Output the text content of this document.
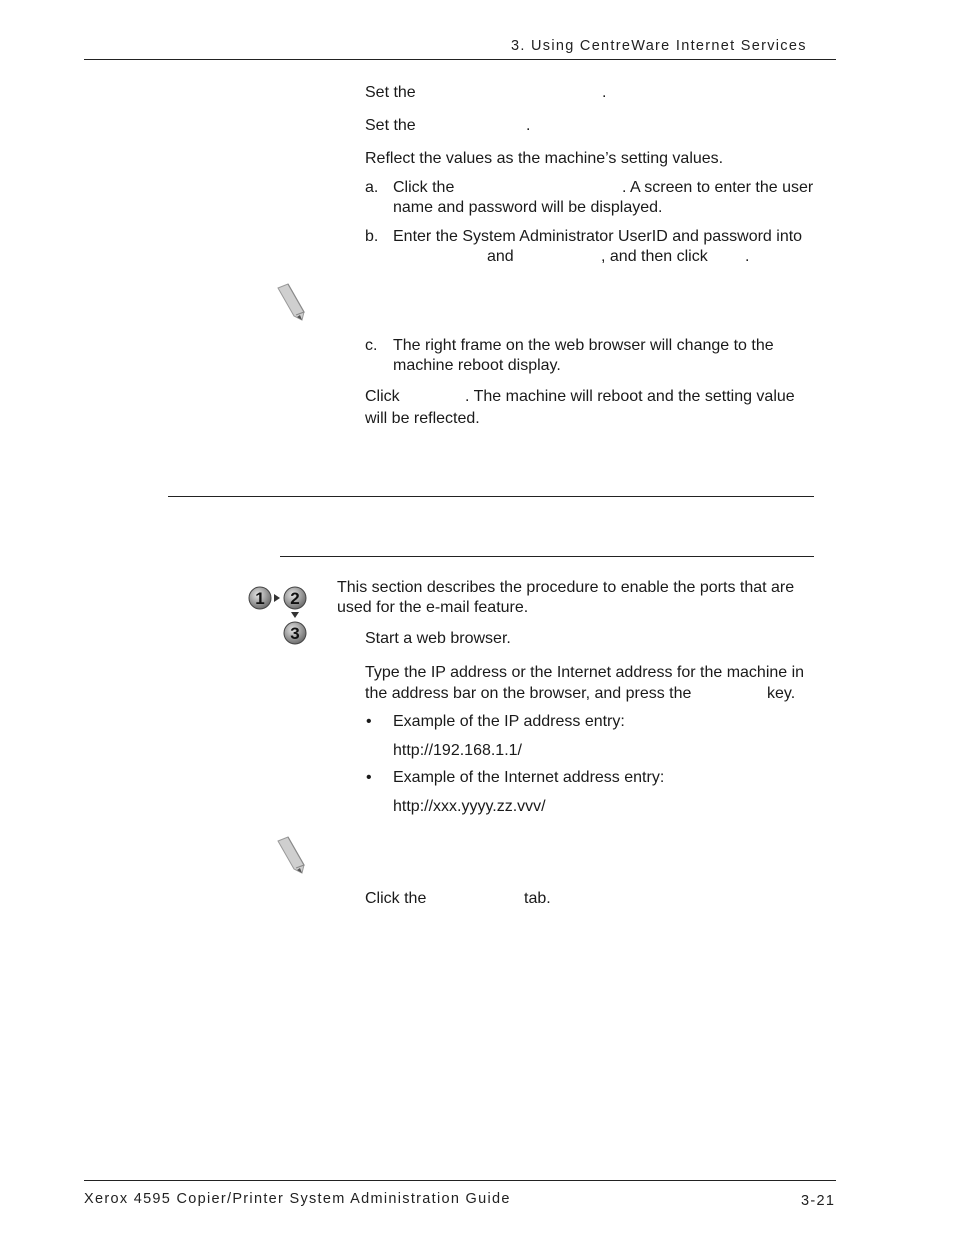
3. Using CentreWare Internet Services
Set the	.
Set the	.
Reflect the values as the machine’s setting values.
a. Click the	. A screen to enter the user
name and password will be displayed.
b. Enter the System Administrator UserID and password into
and	, and then click .
c. The right frame on the web browser will change to the
machine reboot display.
Click	. The machine will reboot and the setting value
will be reflected.
1 2
3
This section describes the procedure to enable the ports that are
used for the e-mail feature.
Start a web browser.
Type the IP address or the Internet address for the machine in
the address bar on the browser, and press the	key.
• Example of the IP address entry:
http://192.168.1.1/
• Example of the Internet address entry:
http://xxx.yyyy.zz.vvv/
Click the	tab.
Xerox 4595 Copier/Printer System Administration Guide	3-21
